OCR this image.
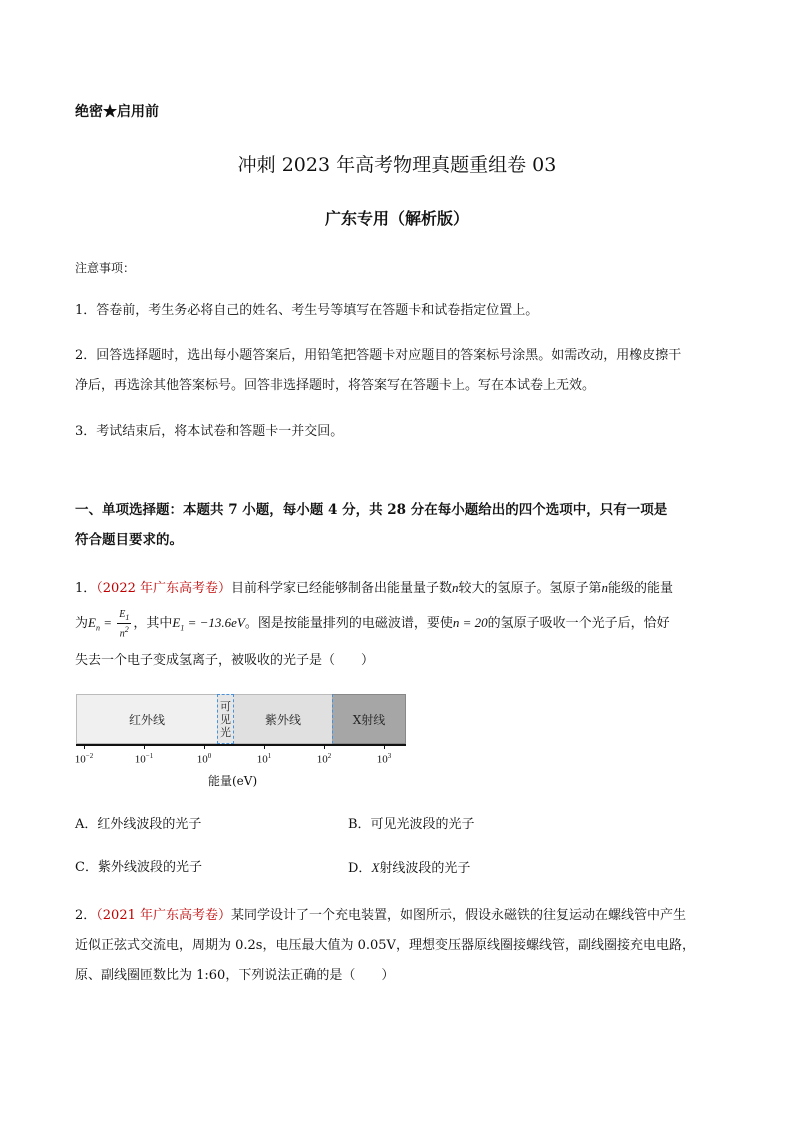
绝密★启用前
冲刺 2023 年高考物理真题重组卷 03
广东专用（解析版）
注意事项：
1．答卷前，考生务必将自己的姓名、考生号等填写在答题卡和试卷指定位置上。
2．回答选择题时，选出每小题答案后，用铅笔把答题卡对应题目的答案标号涂黑。如需改动，用橡皮擦干
净后，再选涂其他答案标号。回答非选择题时，将答案写在答题卡上。写在本试卷上无效。
3．考试结束后，将本试卷和答题卡一并交回。
一、单项选择题：本题共 7 小题，每小题 4 分，共 28 分在每小题给出的四个选项中，只有一项是
符合题目要求的。
1．（2022 年广东高考卷）目前科学家已经能够制备出能量量子数n较大的氢原子。氢原子第n能级的能量
为$E_n = \frac{E_1}{n^2}$ ，其中$E_1 = -13.6eV$。图是按能量排列的电磁波谱，要使n = 20的氢原子吸收一个光子后，恰好
失去一个电子变成氢离子，被吸收的光子是（　　）
红外线
可
见
光
紫外线	X射线
$10^{-2}$	$10^{-1}$	$10^0$	$10^1$	$10^2$	$10^3$
能量(eV)
A．红外线波段的光子	B．可见光波段的光子
C．紫外线波段的光子	D．X射线波段的光子
2．（2021 年广东高考卷）某同学设计了一个充电装置，如图所示，假设永磁铁的往复运动在螺线管中产生
近似正弦式交流电，周期为 0.2s，电压最大值为 0.05V，理想变压器原线圈接螺线管，副线圈接充电电路，
原、副线圈匝数比为 1:60，下列说法正确的是（　　）
